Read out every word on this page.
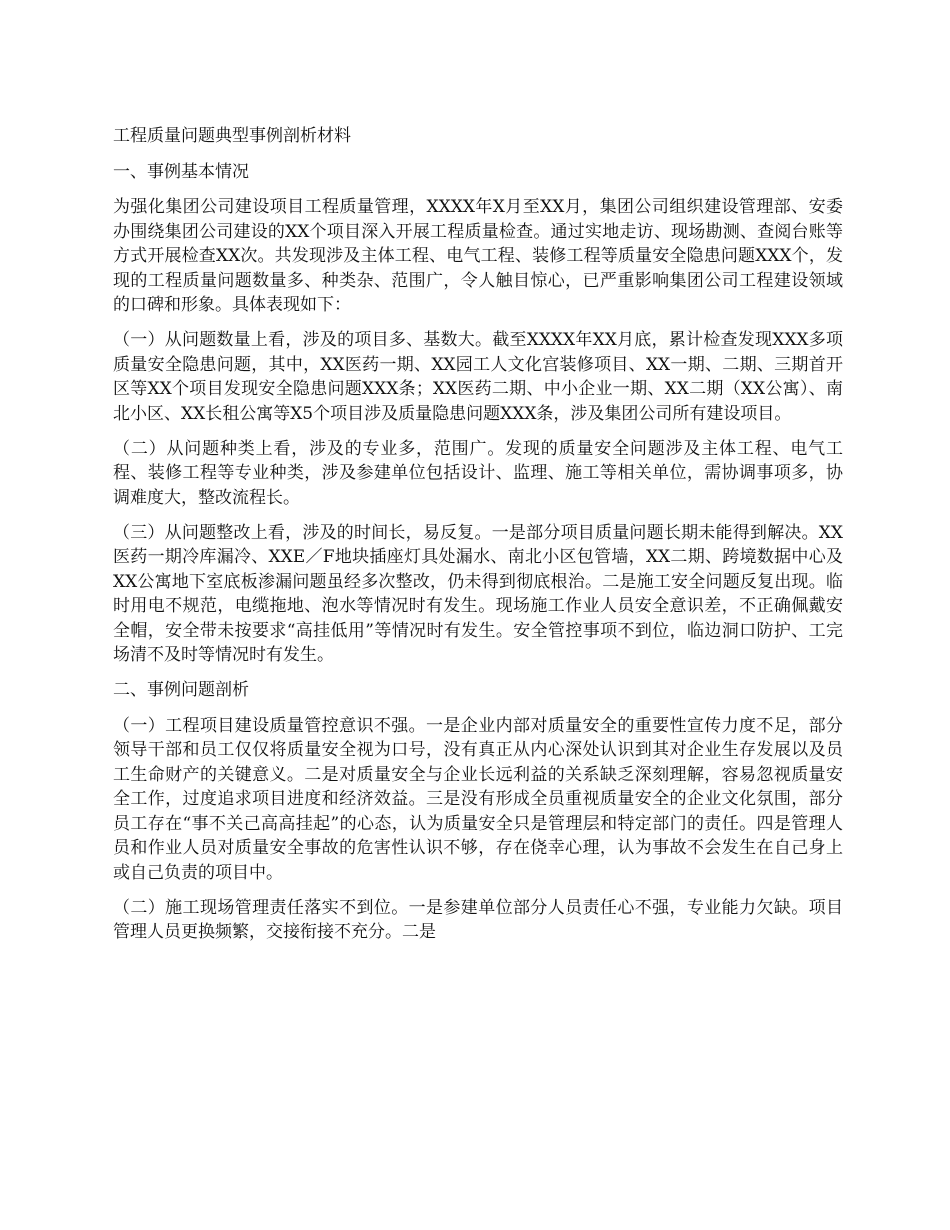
工程质量问题典型事例剖析材料

一、事例基本情况

为强化集团公司建设项目工程质量管理，XXXX年X月至XX月，集团公司组织建设管理部、安委办围绕集团公司建设的XX个项目深入开展工程质量检查。通过实地走访、现场勘测、查阅台账等方式开展检查XX次。共发现涉及主体工程、电气工程、装修工程等质量安全隐患问题XXX个，发现的工程质量问题数量多、种类杂、范围广，令人触目惊心，已严重影响集团公司工程建设领域的口碑和形象。具体表现如下：

（一）从问题数量上看，涉及的项目多、基数大。截至XXXX年XX月底，累计检查发现XXX多项质量安全隐患问题，其中，XX医药一期、XX园工人文化宫装修项目、XX一期、二期、三期首开区等XX个项目发现安全隐患问题XXX条；XX医药二期、中小企业一期、XX二期（XX公寓）、南北小区、XX长租公寓等X5个项目涉及质量隐患问题XXX条，涉及集团公司所有建设项目。

（二）从问题种类上看，涉及的专业多，范围广。发现的质量安全问题涉及主体工程、电气工程、装修工程等专业种类，涉及参建单位包括设计、监理、施工等相关单位，需协调事项多，协调难度大，整改流程长。

（三）从问题整改上看，涉及的时间长，易反复。一是部分项目质量问题长期未能得到解决。XX医药一期冷库漏冷、XXE／F地块插座灯具处漏水、南北小区包管墙，XX二期、跨境数据中心及XX公寓地下室底板渗漏问题虽经多次整改，仍未得到彻底根治。二是施工安全问题反复出现。临时用电不规范，电缆拖地、泡水等情况时有发生。现场施工作业人员安全意识差，不正确佩戴安全帽，安全带未按要求“高挂低用”等情况时有发生。安全管控事项不到位，临边洞口防护、工完场清不及时等情况时有发生。

二、事例问题剖析

（一）工程项目建设质量管控意识不强。一是企业内部对质量安全的重要性宣传力度不足，部分领导干部和员工仅仅将质量安全视为口号，没有真正从内心深处认识到其对企业生存发展以及员工生命财产的关键意义。二是对质量安全与企业长远利益的关系缺乏深刻理解，容易忽视质量安全工作，过度追求项目进度和经济效益。三是没有形成全员重视质量安全的企业文化氛围，部分员工存在“事不关己高高挂起”的心态，认为质量安全只是管理层和特定部门的责任。四是管理人员和作业人员对质量安全事故的危害性认识不够，存在侥幸心理，认为事故不会发生在自己身上或自己负责的项目中。

（二）施工现场管理责任落实不到位。一是参建单位部分人员责任心不强，专业能力欠缺。项目管理人员更换频繁，交接衔接不充分。二是
